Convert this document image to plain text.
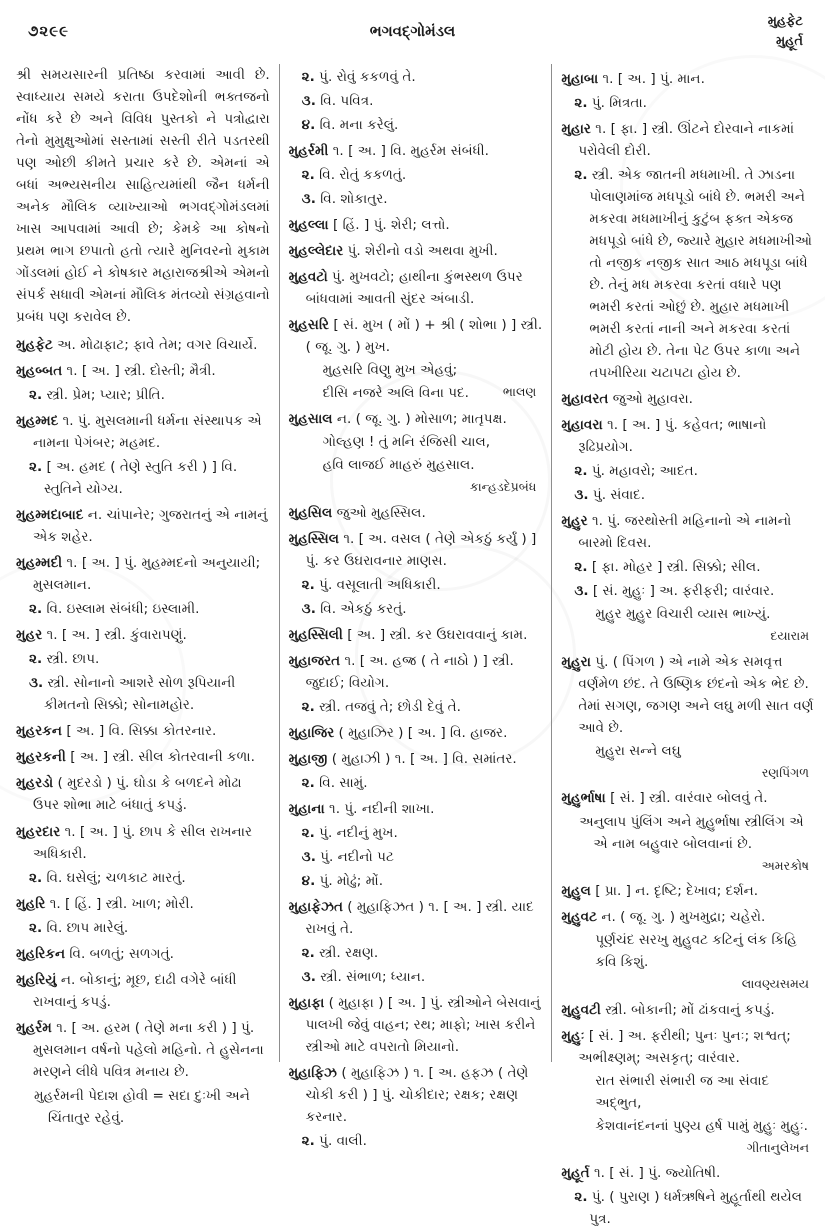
૭૨૯૯	ભગવદ્ગોમંડલ
મુહફેટ
મુહૂર્ત
શ્રી સમયસારની પ્રતિષ્ઠા કરવામાં આવી છે. સ્વાધ્યાય સમયે કરાતા ઉપદેશોની ભક્તજનો નોંધ કરે છે અને વિવિધ પુસ્તકો ને પત્રોદ્વારા તેનો મુમુક્ષુઓમાં સસ્તામાં સસ્તી રીતે પડતરથી પણ ઓછી કીમતે પ્રચાર કરે છે. એમનાં એ બધાં અભ્યસનીય સાહિત્યમાંથી જૈન ધર્મની અનેક મૌલિક વ્યાખ્યાઓ ભગવદ્ગોમંડલમાં ખાસ આપવામાં આવી છે; કેમકે આ કોષનો પ્રથમ ભાગ છપાતો હતો ત્યારે મુનિવરનો મુકામ ગોંડલમાં હોઈ ને કોષકાર મહારાજશ્રીએ એમનો સંપર્ક સધાવી એમનાં મૌલિક મંતવ્યો સંગ્રહવાનો પ્રબંધ પણ કરાવેલ છે.
મુહફેટ અ. મોઢાફાટ; ફાવે તેમ; વગર વિચાર્યે.
મુહબ્બત ૧. [ અ. ] સ્ત્રી. દોસ્તી; મૈત્રી.
૨. સ્ત્રી. પ્રેમ; પ્યાર; પ્રીતિ.
મુહમ્મદ ૧. પું. મુસલમાની ધર્મના સંસ્થાપક એ નામના પેગંબર; મહમદ.
૨. [ અ. હમદ ( તેણે સ્તુતિ કરી ) ] વિ. સ્તુતિને યોગ્ય.
મુહમ્મદાબાદ ન. ચાંપાનેર; ગુજરાતનું એ નામનું એક શહેર.
મુહમ્મદી ૧. [ અ. ] પું. મુહમ્મદનો અનુયાયી; મુસલમાન.
૨. વિ. ઇસ્લામ સંબંધી; ઇસ્લામી.
મુહર ૧. [ અ. ] સ્ત્રી. કુંવારાપણું.
૨. સ્ત્રી. છાપ.
૩. સ્ત્રી. સોનાનો આશરે સોળ રૂપિયાની કીમતનો સિક્કો; સોનામહોર.
મુહરકન [ અ. ] વિ. સિક્કા કોતરનાર.
મુહરકની [ અ. ] સ્ત્રી. સીલ કોતરવાની કળા.
મુહરડો ( મુદરડો ) પું. ઘોડા કે બળદને મોઢા ઉપર શોભા માટે બંધાતું કપડું.
મુહરદાર ૧. [ અ. ] પું. છાપ કે સીલ રાખનાર અધિકારી.
૨. વિ. ઘસેલું; ચળકાટ મારતું.
મુહરિ ૧. [ હિં. ] સ્ત્રી. ખાળ; મોરી.
૨. વિ. છાપ મારેલું.
મુહરિકન વિ. બળતું; સળગતું.
મુહરિયું ન. બોકાનું; મૂછ, દાઢી વગેરે બાંધી રાખવાનું કપડું.
મુહર્રમ ૧. [ અ. હરમ ( તેણે મના કરી ) ] પું. મુસલમાન વર્ષનો પહેલો મહિનો. તે હુસેનના મરણને લીધે પવિત્ર મનાય છે.
મુહર્રમની પેદાશ હોવી = સદા દુઃખી અને ચિંતાતુર રહેવું.
૨. પું. રોવું કકળવું તે.
૩. વિ. પવિત્ર.
૪. વિ. મના કરેલું.
મુહર્રમી ૧. [ અ. ] વિ. મુહર્રમ સંબંધી.
૨. વિ. રોતું કકળતું.
૩. વિ. શોકાતુર.
મુહલ્લા [ હિં. ] પું. શેરી; લત્તો.
મુહલ્લેદાર પું. શેરીનો વડો અથવા મુખી.
મુહવટો પું. મુખવટો; હાથીના કુંભસ્થળ ઉપર બાંધવામાં આવતી સુંદર અંબાડી.
મુહસરિ [ સં. મુખ ( મોં ) + શ્રી ( શોભા ) ] સ્ત્રી. ( જૂ. ગુ. ) મુખ.
મુહસરિ વિણુ મુખ એહવું;
દીસિ નજરે અલિ વિના પદ.	ભાલણ
મુહસાલ ન. ( જૂ. ગુ. ) મોસાળ; માતૃપક્ષ.
ગોલ્હણ ! તું મનિ રંજિસી ચાલ,
હવિ લાજઈ માહરું મુહસાલ.
કાન્હડદેપ્રબંધ
મુહસિલ જુઓ મુહસ્સિલ.
મુહસ્સિલ ૧. [ અ. વસલ ( તેણે એકઠું કર્યું ) ] પું. કર ઉઘરાવનાર માણસ.
૨. પું. વસૂલાતી અધિકારી.
૩. વિ. એકઠું કરતું.
મુહસ્સિલી [ અ. ] સ્ત્રી. કર ઉઘરાવવાનું કામ.
મુહાજરત ૧. [ અ. હજ્ર ( તે નાઠો ) ] સ્ત્રી. જુદાઈ; વિયોગ.
૨. સ્ત્રી. તજવું તે; છોડી દેવું તે.
મુહાજિર ( મુહાઝિર ) [ અ. ] વિ. હાજર.
મુહાજી ( મુહાઝી ) ૧. [ અ. ] વિ. સમાંતર.
૨. વિ. સામું.
મુહાના ૧. પું. નદીની શાખા.
૨. પું. નદીનું મુખ.
૩. પું. નદીનો પટ
૪. પું. મોઢું; મોં.
મુહાફેઝત ( મુહાફિઝત ) ૧. [ અ. ] સ્ત્રી. યાદ રાખવું તે.
૨. સ્ત્રી. રક્ષણ.
૩. સ્ત્રી. સંભાળ; ધ્યાન.
મુહાફા ( મુહાફા ) [ અ. ] પું. સ્ત્રીઓને બેસવાનું પાલખી જેવું વાહન; રથ; માફો; ખાસ કરીને સ્ત્રીઓ માટે વપરાતો મિયાનો.
મુહાફિઝ ( મુહાફિઝ ) ૧. [ અ. હફઝ ( તેણે ચોકી કરી ) ] પું. ચોકીદાર; રક્ષક; રક્ષણ કરનાર.
૨. પું. વાલી.
મુહાબા ૧. [ અ. ] પું. માન.
૨. પું. મિત્રતા.
મુહાર ૧. [ ફા. ] સ્ત્રી. ઊંટને દોરવાને નાકમાં પરોવેલી દોરી.
૨. સ્ત્રી. એક જાતની મધમાખી. તે ઝાડના પોલાણમાંજ મધપૂડો બાંધે છે. ભમરી અને મકરવા મધમાખીનું કુટુંબ ફક્ત એકજ મધપૂડો બાંધે છે, જ્યારે મુહાર મધમાખીઓ તો નજીક નજીક સાત આઠ મધપૂડા બાંધે છે. તેનું મધ મકરવા કરતાં વધારે પણ ભમરી કરતાં ઓછું છે. મુહાર મધમાખી ભમરી કરતાં નાની અને મકરવા કરતાં મોટી હોય છે. તેના પેટ ઉપર કાળા અને તપખીરિયા ચટાપટા હોય છે.
મુહાવરત જુઓ મુહાવરા.
મુહાવરા ૧. [ અ. ] પું. કહેવત; ભાષાનો રૂઢિપ્રયોગ.
૨. પું. મહાવરો; આદત.
૩. પું. સંવાદ.
મુહુર ૧. પું. જરથોસ્તી મહિનાનો એ નામનો બારમો દિવસ.
૨. [ ફા. મોહર ] સ્ત્રી. સિક્કો; સીલ.
૩. [ સં. મુહુઃ ] અ. ફરીફરી; વારંવાર.
મુહુર મુહુર વિચારી વ્યાસ ભાખ્યું.
દયારામ
મુહુરા પું. ( પિંગળ ) એ નામે એક સમવૃત્ત વર્ણમેળ છંદ. તે ઉષ્ણિક છંદનો એક ભેદ છે. તેમાં સગણ, જગણ અને લઘુ મળી સાત વર્ણ આવે છે.
મુહુરા સન્ને લઘુ
રણપિંગળ
મુહુર્ભાષા [ સં. ] સ્ત્રી. વારંવાર બોલવું તે.
અનુલાપ પુંલિંગ અને મુહુર્ભાષા સ્ત્રીલિંગ એ એ નામ બહુવાર બોલવાનાં છે.
અમરકોષ
મુહુલ [ પ્રા. ] ન. દૃષ્ટિ; દેખાવ; દર્શન.
મુહુવટ ન. ( જૂ. ગુ. ) મુખમુદ્રા; ચહેરો.
પૂર્ણચંદ સરખુ મુહુવટ કટિનું લંક કિહિ કવિ કિશું.
લાવણ્યસમય
મુહુવટી સ્ત્રી. બોકાની; મોં ઢાંકવાનું કપડું.
મુહુઃ [ સં. ] અ. ફરીથી; પુનઃ પુનઃ; શશ્વત્; અભીક્ષ્ણમ્; અસકૃત્; વારંવાર.
રાત સંભારી સંભારી જ આ સંવાદ અદ્ભુત,
કેશવાનંદનનાં પુણ્ય હર્ષ પામું મુહુઃ મુહુઃ.
ગીતાનુલેખન
મુહૂર્ત ૧. [ સં. ] પું. જ્યોતિષી.
૨. પું. ( પુરાણ ) ધર્મઋષિને મુહૂર્તાથી થયેલ પુત્ર.
